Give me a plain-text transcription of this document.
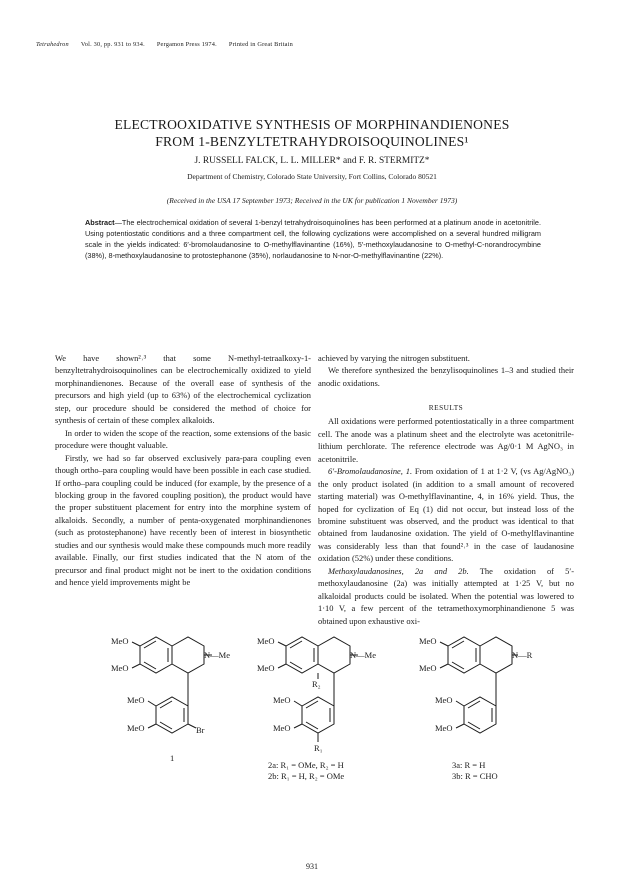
Tetrahedron Vol. 30, pp. 931 to 934. Pergamon Press 1974. Printed in Great Britain
ELECTROOXIDATIVE SYNTHESIS OF MORPHINANDIENONES
FROM 1-BENZYLTETRAHYDROISOQUINOLINES¹
J. RUSSELL FALCK, L. L. MILLER* and F. R. STERMITZ*
Department of Chemistry, Colorado State University, Fort Collins, Colorado 80521
(Received in the USA 17 September 1973; Received in the UK for publication 1 November 1973)
Abstract—The electrochemical oxidation of several 1-benzyl tetrahydroisoquinolines has been performed at a platinum anode in acetonitrile. Using potentiostatic conditions and a three compartment cell, the following cyclizations were accomplished on a several hundred milligram scale in the yields indicated: 6′-bromolaudanosine to O-methylflavinantine (16%), 5′-methoxylaudanosine to O-methyl-C-norandrocymbine (38%), 8-methoxylaudanosine to protostephanone (35%), norlaudanosine to N-nor-O-methylflavinantine (22%).

We have shown²˒³ that some N-methyl-tetraalkoxy-1-benzyltetrahydroisoquinolines can be electrochemically oxidized to yield morphinandienones. Because of the overall ease of synthesis of the precursors and high yield (up to 63%) of the electrochemical cyclization step, our procedure should be considered the method of choice for synthesis of certain of these complex alkaloids.

In order to widen the scope of the reaction, some extensions of the basic procedure were thought valuable.

Firstly, we had so far observed exclusively para-para coupling even though ortho–para coupling would have been possible in each case studied. If ortho–para coupling could be induced (for example, by the presence of a blocking group in the favored coupling position), the product would have the proper substituent placement for entry into the morphine system of alkaloids. Secondly, a number of penta-oxygenated morphinandienones (such as protostephanone) have recently been of interest in biosynthetic studies and our synthesis would make these compounds much more readily available. Finally, our first studies indicated that the N atom of the precursor and final product might not be inert to the oxidation conditions and hence yield improvements might be

achieved by varying the nitrogen substituent.

We therefore synthesized the benzylisoquinolines 1–3 and studied their anodic oxidations.

RESULTS

All oxidations were performed potentiostatically in a three compartment cell. The anode was a platinum sheet and the electrolyte was acetonitrile-lithium perchlorate. The reference electrode was Ag/0·1 M AgNO₃ in acetonitrile.

6′-Bromolaudanosine, 1. From oxidation of 1 at 1·2 V, (vs Ag/AgNO₃) the only product isolated (in addition to a small amount of recovered starting material) was O-methylflavinantine, 4, in 16% yield. Thus, the hoped for cyclization of Eq (1) did not occur, but instead loss of the bromine substituent was observed, and the product was identical to that obtained from laudanosine oxidation. The yield of O-methylflavinantine was considerably less than that found²˒³ in the case of laudanosine oxidation (52%) under these conditions.

Methoxylaudanosines, 2a and 2b. The oxidation of 5′-methoxylaudanosine (2a) was initially attempted at 1·25 V, but no alkaloidal products could be isolated. When the potential was lowered to 1·10 V, a few percent of the tetramethoxymorphinandienone 5 was obtained upon exhaustive oxi-

MeO
MeO
MeO
MeO
N—Me
Br
1
MeO
MeO
MeO
MeO
N—Me
R₂
R₁
2a: R₁ = OMe, R₂ = H
2b: R₁ = H, R₂ = OMe
MeO
MeO
MeO
MeO
N—R
3a: R = H
3b: R = CHO
931
